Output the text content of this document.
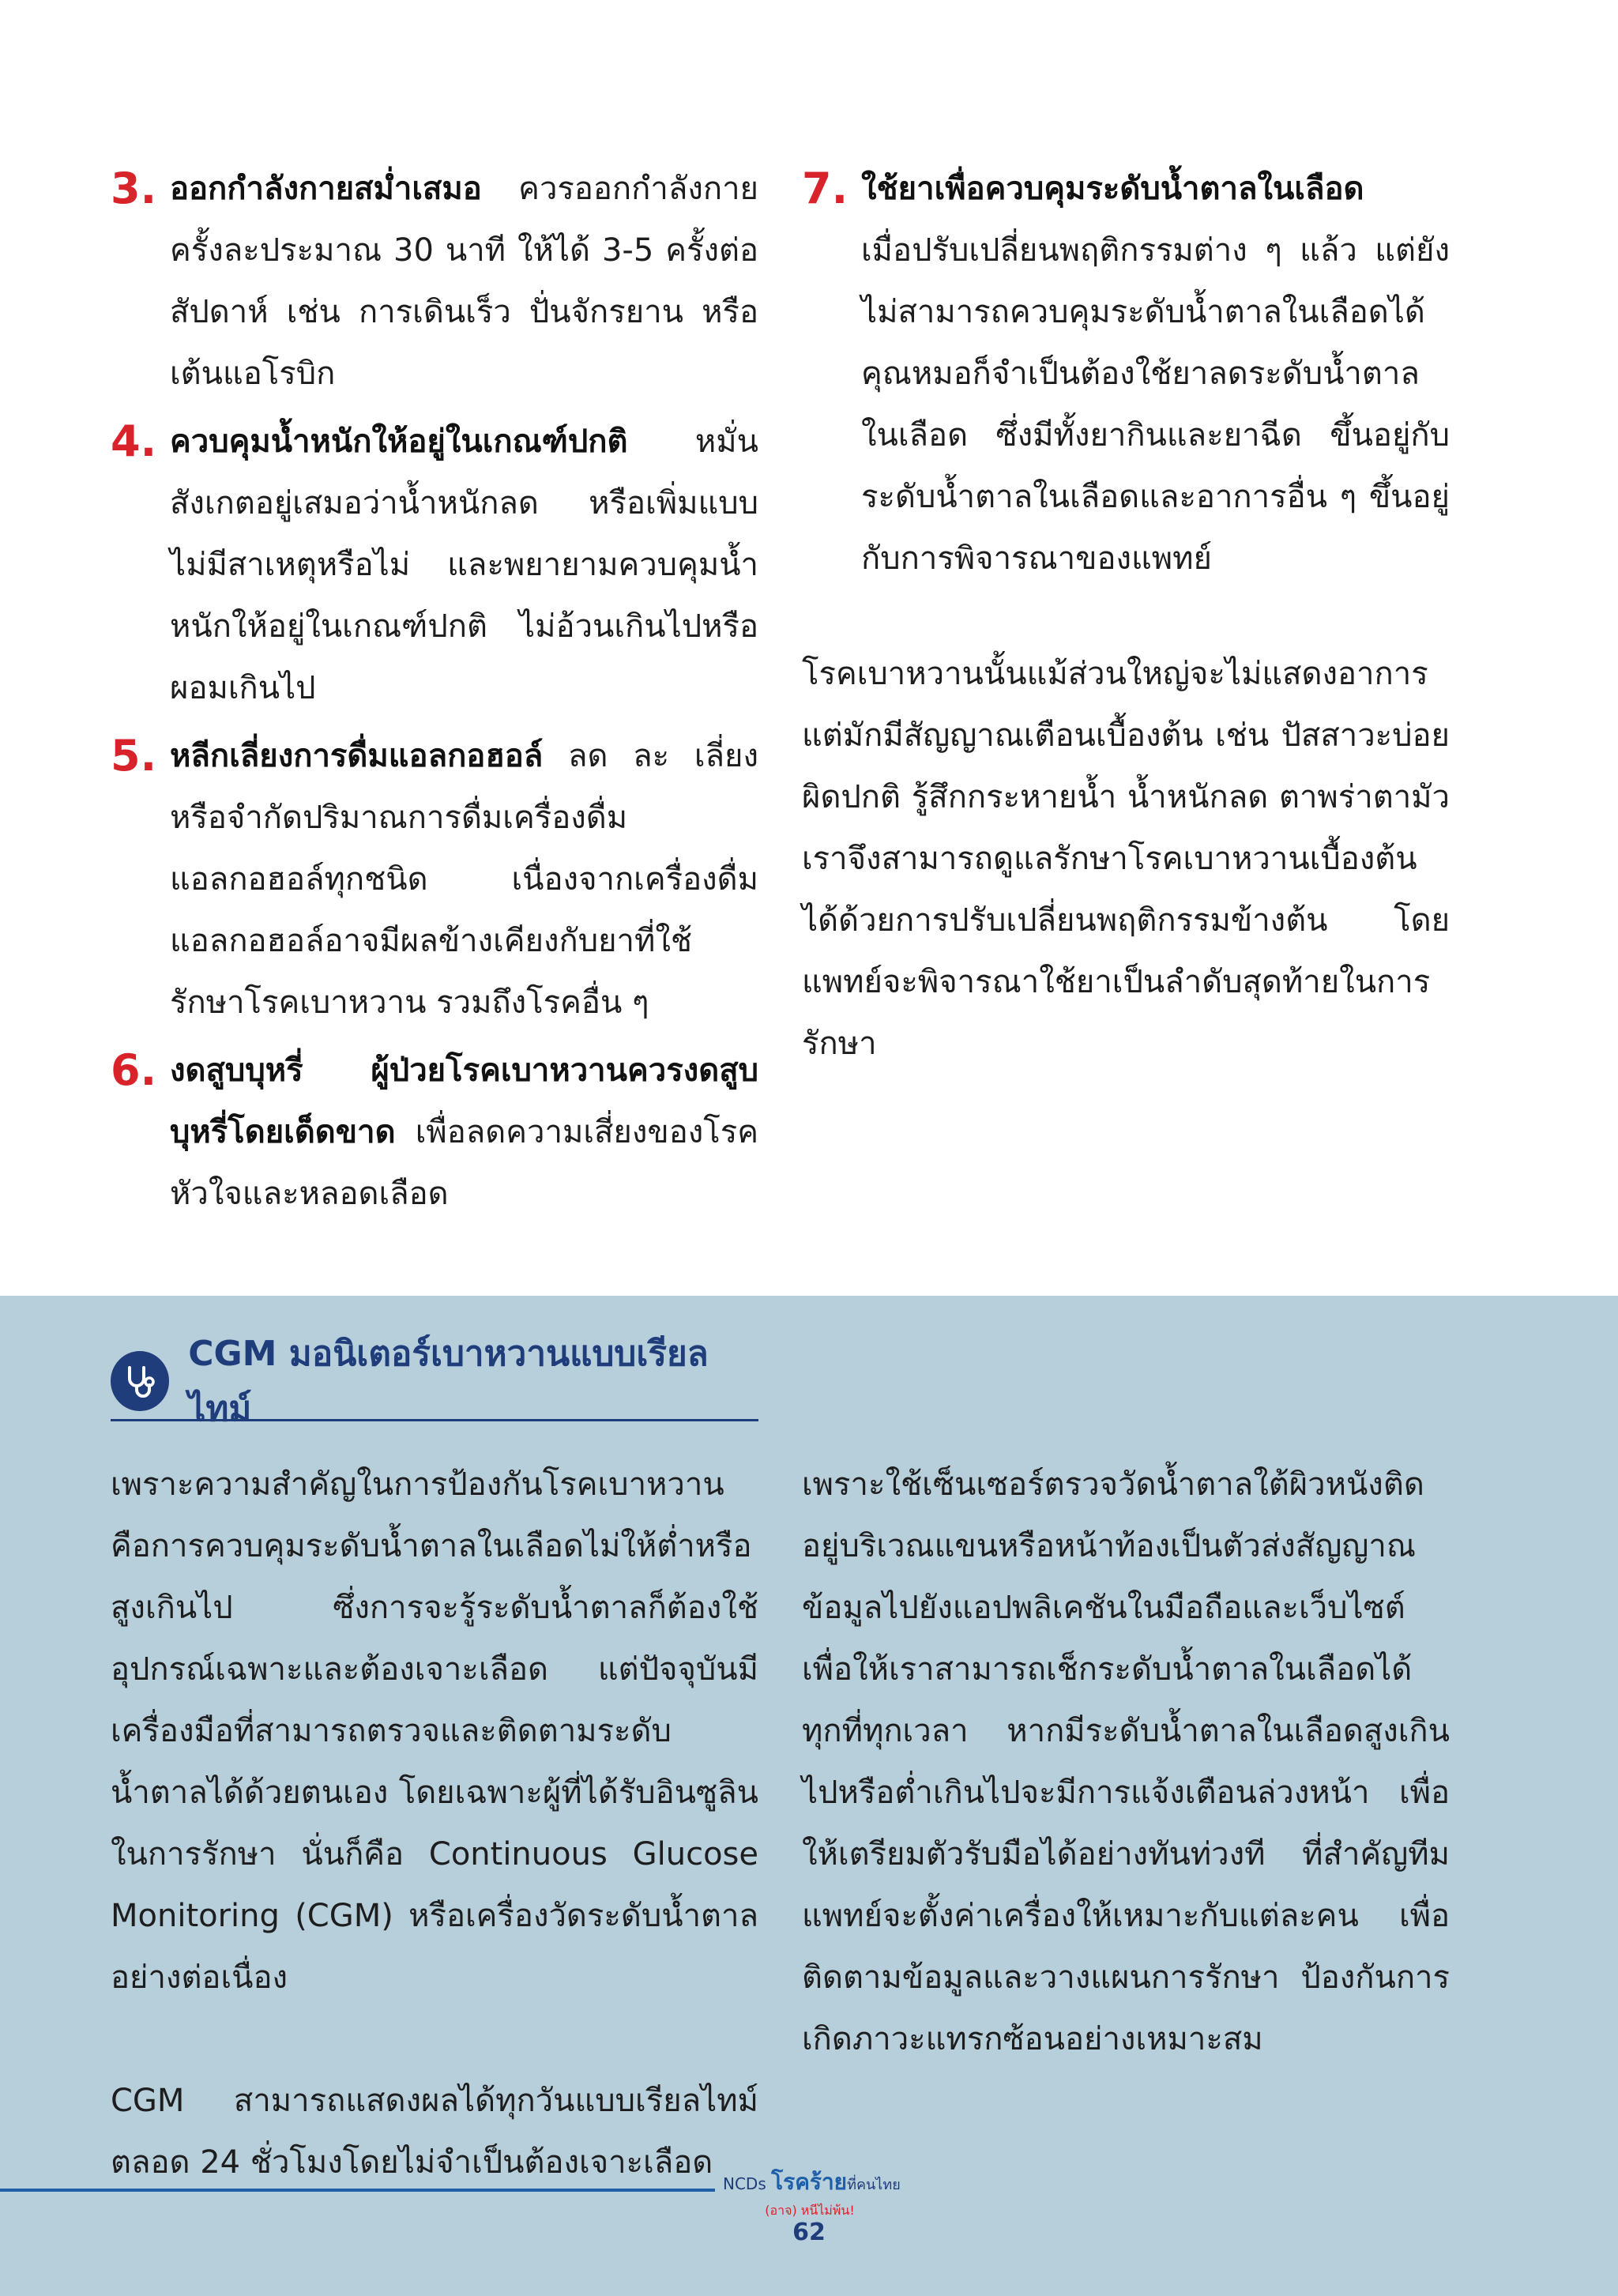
3. ออกกำลังกายสม่ำเสมอ ควรออกกำลังกายครั้งละประมาณ 30 นาที ให้ได้ 3-5 ครั้งต่อสัปดาห์ เช่น การเดินเร็ว ปั่นจักรยาน หรือเต้นแอโรบิก
4. ควบคุมน้ำหนักให้อยู่ในเกณฑ์ปกติ หมั่นสังเกตอยู่เสมอว่าน้ำหนักลด หรือเพิ่มแบบไม่มีสาเหตุหรือไม่ และพยายามควบคุมน้ำหนักให้อยู่ในเกณฑ์ปกติ ไม่อ้วนเกินไปหรือผอมเกินไป
5. หลีกเลี่ยงการดื่มแอลกอฮอล์ ลด ละ เลี่ยง หรือจำกัดปริมาณการดื่มเครื่องดื่มแอลกอฮอล์ทุกชนิด เนื่องจากเครื่องดื่มแอลกอฮอล์อาจมีผลข้างเคียงกับยาที่ใช้รักษาโรคเบาหวาน รวมถึงโรคอื่น ๆ
6. งดสูบบุหรี่ ผู้ป่วยโรคเบาหวานควรงดสูบบุหรี่โดยเด็ดขาด เพื่อลดความเสี่ยงของโรคหัวใจและหลอดเลือด
7. ใช้ยาเพื่อควบคุมระดับน้ำตาลในเลือด
เมื่อปรับเปลี่ยนพฤติกรรมต่าง ๆ แล้ว แต่ยังไม่สามารถควบคุมระดับน้ำตาลในเลือดได้ คุณหมอก็จำเป็นต้องใช้ยาลดระดับน้ำตาลในเลือด ซึ่งมีทั้งยากินและยาฉีด ขึ้นอยู่กับระดับน้ำตาลในเลือดและอาการอื่น ๆ ขึ้นอยู่กับการพิจารณาของแพทย์

โรคเบาหวานนั้นแม้ส่วนใหญ่จะไม่แสดงอาการ แต่มักมีสัญญาณเตือนเบื้องต้น เช่น ปัสสาวะบ่อยผิดปกติ รู้สึกกระหายน้ำ น้ำหนักลด ตาพร่าตามัว เราจึงสามารถดูแลรักษาโรคเบาหวานเบื้องต้นได้ด้วยการปรับเปลี่ยนพฤติกรรมข้างต้น โดยแพทย์จะพิจารณาใช้ยาเป็นลำดับสุดท้ายในการรักษา

CGM มอนิเตอร์เบาหวานแบบเรียลไทม์

เพราะความสำคัญในการป้องกันโรคเบาหวานคือการควบคุมระดับน้ำตาลในเลือดไม่ให้ต่ำหรือสูงเกินไป ซึ่งการจะรู้ระดับน้ำตาลก็ต้องใช้อุปกรณ์เฉพาะและต้องเจาะเลือด แต่ปัจจุบันมีเครื่องมือที่สามารถตรวจและติดตามระดับน้ำตาลได้ด้วยตนเอง โดยเฉพาะผู้ที่ได้รับอินซูลินในการรักษา นั่นก็คือ Continuous Glucose Monitoring (CGM) หรือเครื่องวัดระดับน้ำตาลอย่างต่อเนื่อง

CGM สามารถแสดงผลได้ทุกวันแบบเรียลไทม์ ตลอด 24 ชั่วโมงโดยไม่จำเป็นต้องเจาะเลือด

เพราะใช้เซ็นเซอร์ตรวจวัดน้ำตาลใต้ผิวหนังติดอยู่บริเวณแขนหรือหน้าท้องเป็นตัวส่งสัญญาณข้อมูลไปยังแอปพลิเคชันในมือถือและเว็บไซต์ เพื่อให้เราสามารถเช็กระดับน้ำตาลในเลือดได้ทุกที่ทุกเวลา หากมีระดับน้ำตาลในเลือดสูงเกินไปหรือต่ำเกินไปจะมีการแจ้งเตือนล่วงหน้า เพื่อให้เตรียมตัวรับมือได้อย่างทันท่วงที ที่สำคัญทีมแพทย์จะตั้งค่าเครื่องให้เหมาะกับแต่ละคน เพื่อติดตามข้อมูลและวางแผนการรักษา ป้องกันการเกิดภาวะแทรกซ้อนอย่างเหมาะสม

NCDs โรคร้ายที่คนไทย
(อาจ) หนีไม่พ้น!
62
